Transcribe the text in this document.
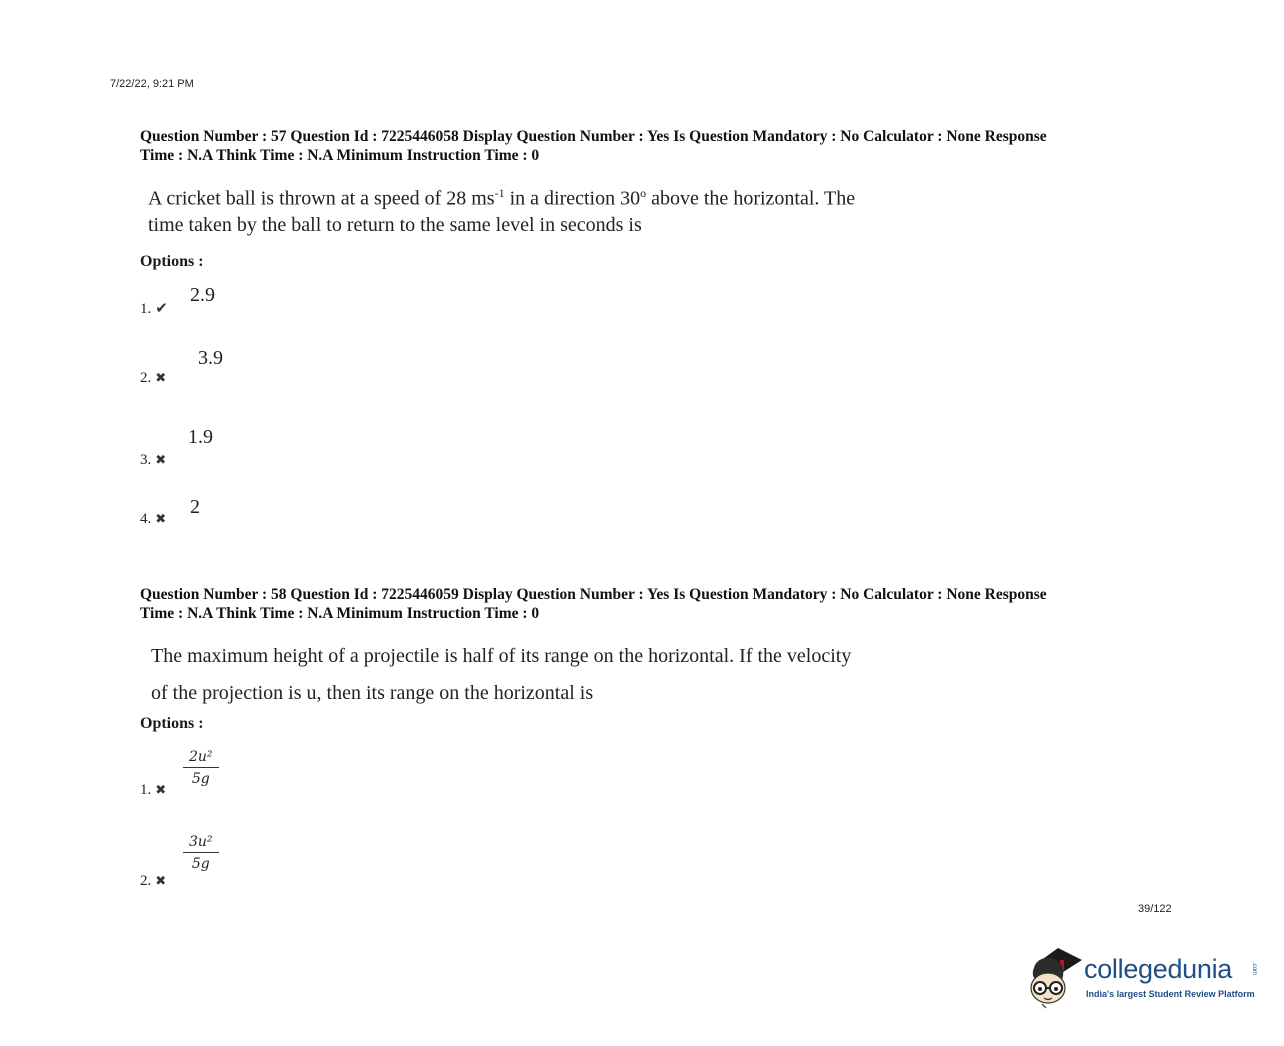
7/22/22, 9:21 PM
Question Number : 57 Question Id : 7225446058 Display Question Number : Yes Is Question Mandatory : No Calculator : None Response
Time : N.A Think Time : N.A Minimum Instruction Time : 0
A cricket ball is thrown at a speed of 28 $ms^{-1}$ in a direction 30$^o$ above the horizontal. The
time taken by the ball to return to the same level in seconds is
Options :
1. ✔
2.9
2. ✖
3.9
3. ✖
1.9
4. ✖
2
Question Number : 58 Question Id : 7225446059 Display Question Number : Yes Is Question Mandatory : No Calculator : None Response
Time : N.A Think Time : N.A Minimum Instruction Time : 0
The maximum height of a projectile is half of its range on the horizontal. If the velocity
of the projection is u, then its range on the horizontal is
Options :
1. ✖
$\frac{\text{2u²}}{5g}$
2. ✖
$\frac{\text{3u²}}{5g}$
39/122
collegedunia	.com
India's largest Student Review Platform
